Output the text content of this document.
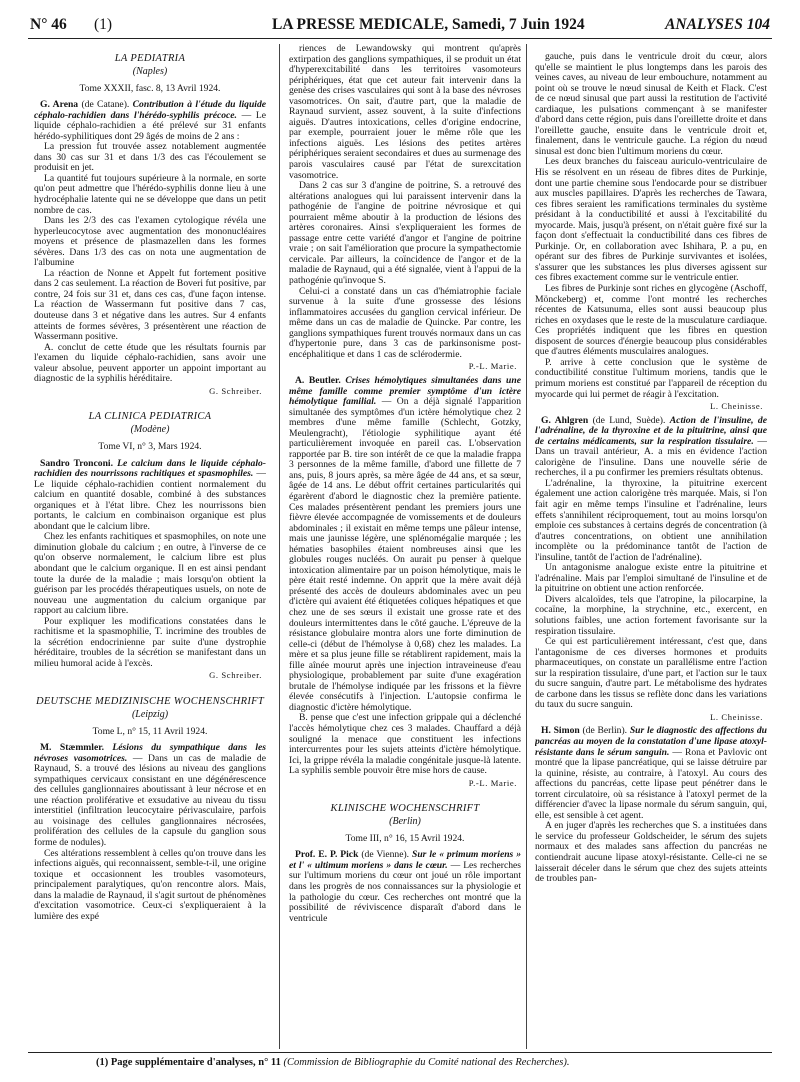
N° 46 (1)	LA PRESSE MEDICALE, Samedi, 7 Juin 1924	ANALYSES 104
LA PEDIATRIA
(Naples)
Tome XXXII, fasc. 8, 13 Avril 1924.

G. Arena (de Catane). Contribution à l'étude du liquide céphalo-rachidien dans l'hérédo-syphilis précoce. — Le liquide céphalo-rachidien a été prélevé sur 31 enfants hérédo-syphilitiques dont 29 âgés de moins de 2 ans :

La pression fut trouvée assez notablement augmentée dans 30 cas sur 31 et dans 1/3 des cas l'écoulement se produisit en jet.

La quantité fut toujours supérieure à la normale, en sorte qu'on peut admettre que l'hérédo-syphilis donne lieu à une hydrocéphalie latente qui ne se développe que dans un petit nombre de cas.

Dans les 2/3 des cas l'examen cytologique révéla une hyperleucocytose avec augmentation des mononucléaires moyens et présence de plasmazellen dans les formes sévères. Dans 1/3 des cas on nota une augmentation de l'albumine

La réaction de Nonne et Appelt fut fortement positive dans 2 cas seulement. La réaction de Boveri fut positive, par contre, 24 fois sur 31 et, dans ces cas, d'une façon intense. La réaction de Wassermann fut positive dans 7 cas, douteuse dans 3 et négative dans les autres. Sur 4 enfants atteints de formes sévères, 3 présentèrent une réaction de Wassermann positive.

A. conclut de cette étude que les résultats fournis par l'examen du liquide céphalo-rachidien, sans avoir une valeur absolue, peuvent apporter un appoint important au diagnostic de la syphilis héréditaire.

G. Schreiber.
LA CLINICA PEDIATRICA
(Modène)
Tome VI, n° 3, Mars 1924.

Sandro Tronconi. Le calcium dans le liquide céphalo-rachidien des nourrissons rachitiques et spasmophiles. — Le liquide céphalo-rachidien contient normalement du calcium en quantité dosable, combiné à des substances organiques et à l'état libre. Chez les nourrissons bien portants, le calcium en combinaison organique est plus abondant que le calcium libre.

Chez les enfants rachitiques et spasmophiles, on note une diminution globale du calcium ; en outre, à l'inverse de ce qu'on observe normalement, le calcium libre est plus abondant que le calcium organique. Il en est ainsi pendant toute la durée de la maladie ; mais lorsqu'on obtient la guérison par les procédés thérapeutiques usuels, on note de nouveau une augmentation du calcium organique par rapport au calcium libre.

Pour expliquer les modifications constatées dans le rachitisme et la spasmophilie, T. incrimine des troubles de la sécrétion endocrinienne par suite d'une dystrophie héréditaire, troubles de la sécrétion se manifestant dans un milieu humoral acide à l'excès.

G. Schreiber.
DEUTSCHE MEDIZINISCHE WOCHENSCHRIFT
(Leipzig)
Tome L, n° 15, 11 Avril 1924.

M. Stæmmler. Lésions du sympathique dans les névroses vasomotrices. — Dans un cas de maladie de Raynaud, S. a trouvé des lésions au niveau des ganglions sympathiques cervicaux consistant en une dégénérescence des cellules ganglionnaires aboutissant à leur nécrose et en une réaction proliférative et exsudative au niveau du tissu interstitiel (infiltration leucocytaire périvasculaire, parfois au voisinage des cellules ganglionnaires nécrosées, prolifération des cellules de la capsule du ganglion sous forme de nodules).

Ces altérations ressemblent à celles qu'on trouve dans les infections aiguës, qui reconnaissent, semble-t-il, une origine toxique et occasionnent les troubles vasomoteurs, principalement paralytiques, qu'on rencontre alors. Mais, dans la maladie de Raynaud, il s'agit surtout de phénomènes d'excitation vasomotrice. Ceux-ci s'expliqueraient à la lumière des expé

riences de Lewandowsky qui montrent qu'après extirpation des ganglions sympathiques, il se produit un état d'hyperexcitabilité dans les territoires vasomoteurs périphériques, état que cet auteur fait intervenir dans la genèse des crises vasculaires qui sont à la base des névroses vasomotrices. On sait, d'autre part, que la maladie de Raynaud survient, assez souvent, à la suite d'infections aiguës. D'autres intoxications, celles d'origine endocrine, par exemple, pourraient jouer le même rôle que les infections aiguës. Les lésions des petites artères périphériques seraient secondaires et dues au surmenage des parois vasculaires causé par l'état de surexcitation vasomotrice.

Dans 2 cas sur 3 d'angine de poitrine, S. a retrouvé des altérations analogues qui lui paraissent intervenir dans la pathogénie de l'angine de poitrine névrosique et qui pourraient même aboutir à la production de lésions des artères coronaires. Ainsi s'expliqueraient les formes de passage entre cette variété d'angor et l'angine de poitrine vraie ; on sait l'amélioration que procure la sympathectomie cervicale. Par ailleurs, la coïncidence de l'angor et de la maladie de Raynaud, qui a été signalée, vient à l'appui de la pathogénie qu'invoque S.

Celui-ci a constaté dans un cas d'hémiatrophie faciale survenue à la suite d'une grossesse des lésions inflammatoires accusées du ganglion cervical inférieur. De même dans un cas de maladie de Quincke. Par contre, les ganglions sympathiques furent trouvés normaux dans un cas d'hypertonie pure, dans 3 cas de parkinsonisme post-encéphalitique et dans 1 cas de sclérodermie.

P.-L. Marie.

A. Beutler. Crises hémolytiques simultanées dans une même famille comme premier symptôme d'un ictère hémolytique familial. — On a déjà signalé l'apparition simultanée des symptômes d'un ictère hémolytique chez 2 membres d'une même famille (Schlecht, Gotzky, Meulengracht), l'étiologie syphilitique ayant été particulièrement invoquée en pareil cas. L'observation rapportée par B. tire son intérêt de ce que la maladie frappa 3 personnes de la même famille, d'abord une fillette de 7 ans, puis, 8 jours après, sa mère âgée de 44 ans, et sa sœur, âgée de 14 ans. Le début offrit certaines particularités qui égarèrent d'abord le diagnostic chez la première patiente. Ces malades présentèrent pendant les premiers jours une fièvre élevée accompagnée de vomissements et de douleurs abdominales ; il existait en même temps une pâleur intense, mais une jaunisse légère, une splénomégalie marquée ; les hématies basophiles étaient nombreuses ainsi que les globules rouges nucléés. On aurait pu penser à quelque intoxication alimentaire par un poison hémolytique, mais le père était resté indemne. On apprit que la mère avait déjà présenté des accès de douleurs abdominales avec un peu d'ictère qui avaient été étiquetées coliques hépatiques et que chez une de ses sœurs il existait une grosse rate et des douleurs intermittentes dans le côté gauche. L'épreuve de la résistance globulaire montra alors une forte diminution de celle-ci (début de l'hémolyse à 0,68) chez les malades. La mère et sa plus jeune fille se rétablirent rapidement, mais la fille aînée mourut après une injection intraveineuse d'eau physiologique, probablement par suite d'une exagération brutale de l'hémolyse indiquée par les frissons et la fièvre élevée consécutifs à l'injection. L'autopsie confirma le diagnostic d'ictère hémolytique.

B. pense que c'est une infection grippale qui a déclenché l'accès hémolytique chez ces 3 malades. Chauffard a déjà souligné la menace que constituent les infections intercurrentes pour les sujets atteints d'ictère hémolytique. Ici, la grippe révéla la maladie congénitale jusque-là latente. La syphilis semble pouvoir être mise hors de cause.

P.-L. Marie.
KLINISCHE WOCHENSCHRIFT
(Berlin)
Tome III, n° 16, 15 Avril 1924.

Prof. E. P. Pick (de Vienne). Sur le « primum moriens » et l' « ultimum moriens » dans le cœur. — Les recherches sur l'ultimum moriens du cœur ont joué un rôle important dans les progrès de nos connaissances sur la physiologie et la pathologie du cœur. Ces recherches ont montré que la possibilité de réviviscence disparaît d'abord dans le ventricule

gauche, puis dans le ventricule droit du cœur, alors qu'elle se maintient le plus longtemps dans les parois des veines caves, au niveau de leur embouchure, notamment au point où se trouve le nœud sinusal de Keith et Flack. C'est de ce nœud sinusal que part aussi la restitution de l'activité cardiaque, les pulsations commençant à se manifester d'abord dans cette région, puis dans l'oreillette droite et dans l'oreillette gauche, ensuite dans le ventricule droit et, finalement, dans le ventricule gauche. La région du nœud sinusal est donc bien l'ultimum moriens du cœur.

Les deux branches du faisceau auriculo-ventriculaire de His se résolvent en un réseau de fibres dites de Purkinje, dont une partie chemine sous l'endocarde pour se distribuer aux muscles papillaires. D'après les recherches de Tawara, ces fibres seraient les ramifications terminales du système présidant à la conductibilité et aussi à l'excitabilité du myocarde. Mais, jusqu'à présent, on n'était guère fixé sur la façon dont s'effectuait la conductibilité dans ces fibres de Purkinje. Or, en collaboration avec Ishihara, P. a pu, en opérant sur des fibres de Purkinje survivantes et isolées, s'assurer que les substances les plus diverses agissent sur ces fibres exactement comme sur le ventricule entier.

Les fibres de Purkinje sont riches en glycogène (Aschoff, Mönckeberg) et, comme l'ont montré les recherches récentes de Katsunuma, elles sont aussi beaucoup plus riches en oxydases que le reste de la musculature cardiaque. Ces propriétés indiquent que les fibres en question disposent de sources d'énergie beaucoup plus considérables que d'autres éléments musculaires analogues.

P. arrive à cette conclusion que le système de conductibilité constitue l'ultimum moriens, tandis que le primum moriens est constitué par l'appareil de réception du myocarde qui lui permet de réagir à l'excitation.

L. Cheinisse.

G. Ahlgren (de Lund, Suède). Action de l'insuline, de l'adrénaline, de la thyroxine et de la pituitrine, ainsi que de certains médicaments, sur la respiration tissulaire. — Dans un travail antérieur, A. a mis en évidence l'action calorigène de l'insuline. Dans une nouvelle série de recherches, il a pu confirmer les premiers résultats obtenus.

L'adrénaline, la thyroxine, la pituitrine exercent également une action calorigène très marquée. Mais, si l'on fait agir en même temps l'insuline et l'adrénaline, leurs effets s'annihilent réciproquement, tout au moins lorsqu'on emploie ces substances à certains degrés de concentration (à d'autres concentrations, on obtient une annihilation incomplète ou la prédominance tantôt de l'action de l'insuline, tantôt de l'action de l'adrénaline).

Un antagonisme analogue existe entre la pituitrine et l'adrénaline. Mais par l'emploi simultané de l'insuline et de la pituitrine on obtient une action renforcée.

Divers alcaloïdes, tels que l'atropine, la pilocarpine, la cocaïne, la morphine, la strychnine, etc., exercent, en solutions faibles, une action fortement favorisante sur la respiration tissulaire.

Ce qui est particulièrement intéressant, c'est que, dans l'antagonisme de ces diverses hormones et produits pharmaceutiques, on constate un parallélisme entre l'action sur la respiration tissulaire, d'une part, et l'action sur le taux du sucre sanguin, d'autre part. Le métabolisme des hydrates de carbone dans les tissus se reflète donc dans les variations du taux du sucre sanguin.

L. Cheinisse.

H. Simon (de Berlin). Sur le diagnostic des affections du pancréas au moyen de la constatation d'une lipase atoxyl-résistante dans le sérum sanguin. — Rona et Pavlovic ont montré que la lipase pancréatique, qui se laisse détruire par la quinine, résiste, au contraire, à l'atoxyl. Au cours des affections du pancréas, cette lipase peut pénétrer dans le torrent circulatoire, où sa résistance à l'atoxyl permet de la différencier d'avec la lipase normale du sérum sanguin, qui, elle, est sensible à cet agent.

A en juger d'après les recherches que S. a instituées dans le service du professeur Goldscheider, le sérum des sujets normaux et des malades sans affection du pancréas ne contiendrait aucune lipase atoxyl-résistante. Celle-ci ne se laisserait déceler dans le sérum que chez des sujets atteints de troubles pan-

(1) Page supplémentaire d'analyses, n° 11 (Commission de Bibliographie du Comité national des Recherches).
